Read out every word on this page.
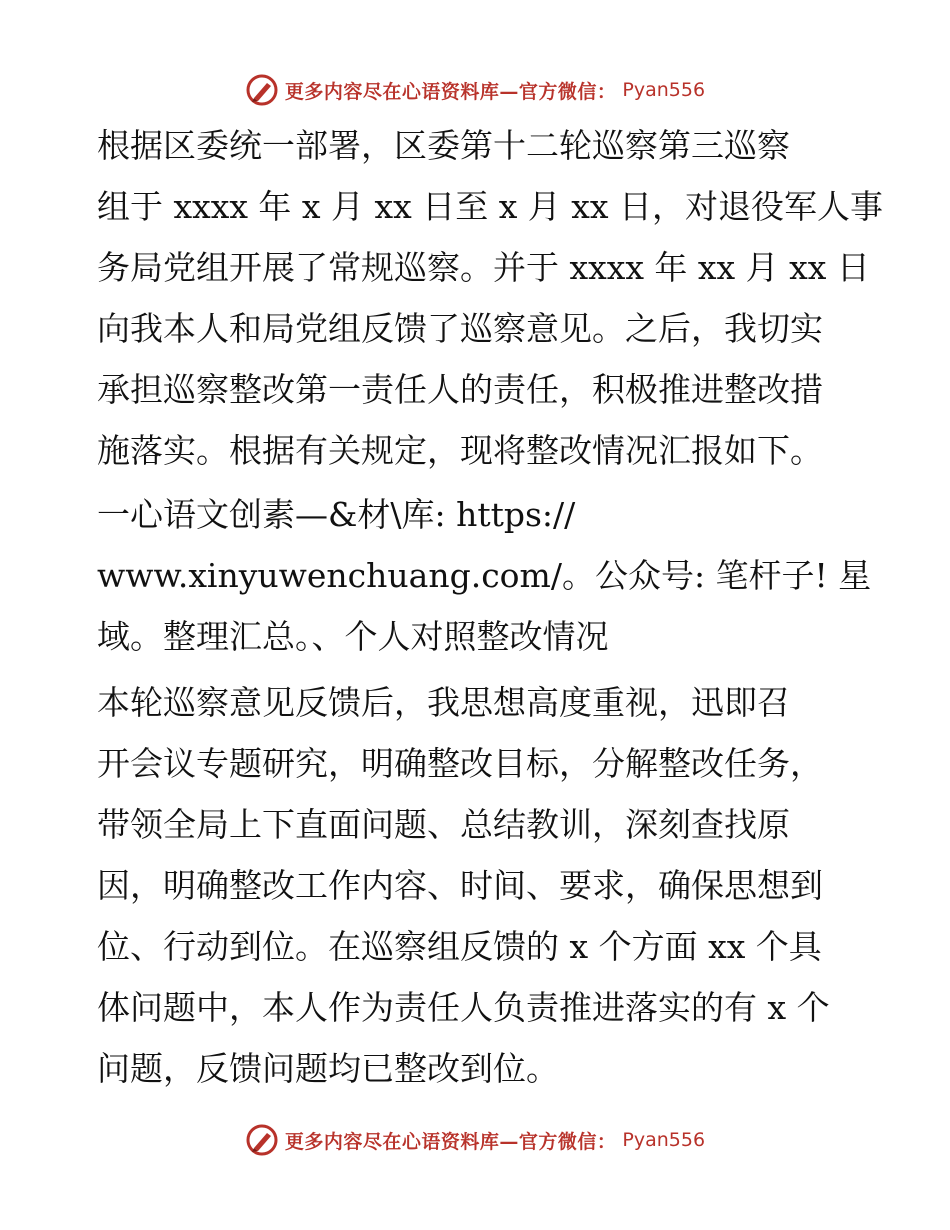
更多内容尽在心语资料库—官方微信： Pyan556
根据区委统一部署，区委第十二轮巡察第三巡察
组于 xxxx 年 x 月 xx 日至 x 月 xx 日，对退役军人事
务局党组开展了常规巡察。并于 xxxx 年 xx 月 xx 日
向我本人和局党组反馈了巡察意见。之后，我切实
承担巡察整改第一责任人的责任，积极推进整改措
施落实。根据有关规定，现将整改情况汇报如下。
一心语文创素—&材\库: https://
www.xinyuwenchuang.com/。公众号: 笔杆子! 星
域。整理汇总。、个人对照整改情况
本轮巡察意见反馈后，我思想高度重视，迅即召
开会议专题研究，明确整改目标，分解整改任务，
带领全局上下直面问题、总结教训，深刻查找原
因，明确整改工作内容、时间、要求，确保思想到
位、行动到位。在巡察组反馈的 x 个方面 xx 个具
体问题中，本人作为责任人负责推进落实的有 x 个
问题，反馈问题均已整改到位。
更多内容尽在心语资料库—官方微信： Pyan556
